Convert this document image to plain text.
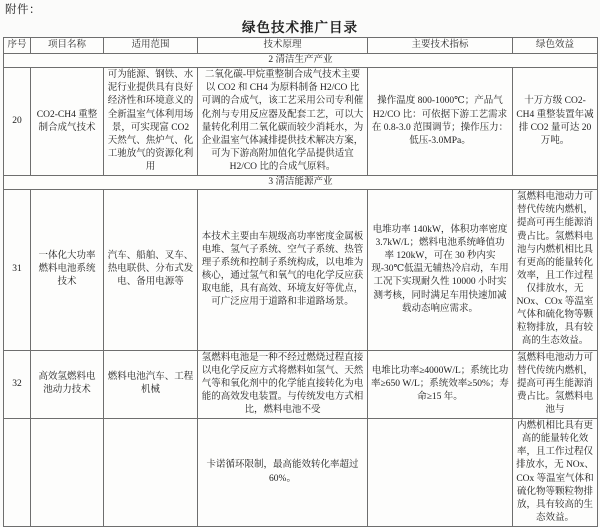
附件：
绿色技术推广目录
序号	项目名称	适用范围	技术原理	主要技术指标	绿色效益
2 清洁生产产业					
20	CO2-CH4 重整制合成气技术	可为能源、钢铁、水泥行业提供具有良好经济性和环境意义的全新温室气体利用场景，可实现富 CO2 天然气、焦炉气、化工驰放气的资源化利用	二氧化碳-甲烷重整制合成气技术主要以 CO2 和 CH4 为原料制备 H2/CO 比可调的合成气，该工艺采用公司专利催化剂与专用反应器及配套工艺，可以大量转化利用二氧化碳而较少消耗水，为企业温室气体减排提供技术解决方案，可为下游高附加值化学品提供适宜 H2/CO 比的合成气原料。	操作温度 800-1000℃；产品气 H2/CO 比：可依据下游工艺需求在 0.8-3.0 范围调节；操作压力：低压-3.0MPa。	十万方级 CO2-CH4 重整装置年减排 CO2 量可达 20 万吨。
3 清洁能源产业					
31	一体化大功率燃料电池系统技术	汽车、船舶、叉车、热电联供、分布式发电、备用电源等	本技术主要由车规级高功率密度金属板电堆、氢气子系统、空气子系统、热管理子系统和控制子系统构成，以电堆为核心，通过氢气和氧气的电化学反应获取电能，具有高效、环境友好等优点，可广泛应用于道路和非道路场景。	电堆功率 140kW，体积功率密度 3.7kW/L；燃料电池系统峰值功率 120kW，可在 30 秒内实现-30℃低温无辅热冷启动，车用工况下实现耐久性 10000 小时实测考核，同时满足车用快速加减载动态响应需求。	氢燃料电池动力可替代传统内燃机，提高可再生能源消费占比。氢燃料电池与内燃机相比具有更高的能量转化效率，且工作过程仅排放水，无 NOx、COx 等温室气体和硫化物等颗粒物排放，具有较高的生态效益。
32	高效氢燃料电池动力技术	燃料电池汽车、工程机械	氢燃料电池是一种不经过燃烧过程直接以电化学反应方式将燃料如氢气、天然气等和氧化剂中的化学能直接转化为电能的高效发电装置。与传统发电方式相比，燃料电池不受	电堆比功率≥4000W/L；系统比功率≥650 W/L；系统效率≥50%；寿命≥15 年。	氢燃料电池动力可替代传统内燃机，提高可再生能源消费占比。氢燃料电池与
			卡诺循环限制，最高能效转化率超过 60%。		内燃机相比具有更高的能量转化效率，且工作过程仅排放水，无 NOx、COx 等温室气体和硫化物等颗粒物排放，具有较高的生态效益。
